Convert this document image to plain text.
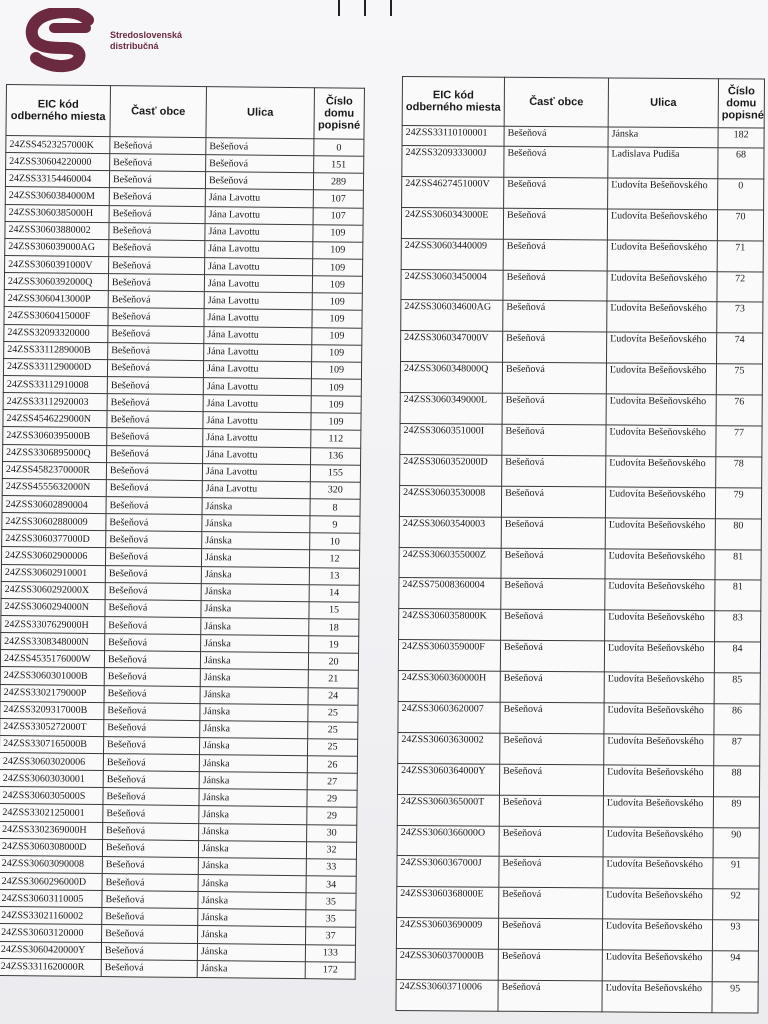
Stredoslovenská
distribučná
EIC kód odberného miesta	Časť obce	Ulica	Číslo domu popisné
24ZSS4523257000K	Bešeňová	Bešeňová	0
24ZSS30604220000	Bešeňová	Bešeňová	151
24ZSS33154460004	Bešeňová	Bešeňová	289
24ZSS3060384000M	Bešeňová	Jána Lavottu	107
24ZSS3060385000H	Bešeňová	Jána Lavottu	107
24ZSS30603880002	Bešeňová	Jána Lavottu	109
24ZSS306039000AG	Bešeňová	Jána Lavottu	109
24ZSS3060391000V	Bešeňová	Jána Lavottu	109
24ZSS3060392000Q	Bešeňová	Jána Lavottu	109
24ZSS3060413000P	Bešeňová	Jána Lavottu	109
24ZSS3060415000F	Bešeňová	Jána Lavottu	109
24ZSS32093320000	Bešeňová	Jána Lavottu	109
24ZSS3311289000B	Bešeňová	Jána Lavottu	109
24ZSS3311290000D	Bešeňová	Jána Lavottu	109
24ZSS33112910008	Bešeňová	Jána Lavottu	109
24ZSS33112920003	Bešeňová	Jána Lavottu	109
24ZSS4546229000N	Bešeňová	Jána Lavottu	109
24ZSS3060395000B	Bešeňová	Jána Lavottu	112
24ZSS3306895000Q	Bešeňová	Jána Lavottu	136
24ZSS4582370000R	Bešeňová	Jána Lavottu	155
24ZSS4555632000N	Bešeňová	Jána Lavottu	320
24ZSS30602890004	Bešeňová	Jánska	8
24ZSS30602880009	Bešeňová	Jánska	9
24ZSS3060377000D	Bešeňová	Jánska	10
24ZSS30602900006	Bešeňová	Jánska	12
24ZSS30602910001	Bešeňová	Jánska	13
24ZSS3060292000X	Bešeňová	Jánska	14
24ZSS3060294000N	Bešeňová	Jánska	15
24ZSS3307629000H	Bešeňová	Jánska	18
24ZSS3308348000N	Bešeňová	Jánska	19
24ZSS4535176000W	Bešeňová	Jánska	20
24ZSS3060301000B	Bešeňová	Jánska	21
24ZSS3302179000P	Bešeňová	Jánska	24
24ZSS3209317000B	Bešeňová	Jánska	25
24ZSS3305272000T	Bešeňová	Jánska	25
24ZSS3307165000B	Bešeňová	Jánska	25
24ZSS30603020006	Bešeňová	Jánska	26
24ZSS30603030001	Bešeňová	Jánska	27
24ZSS3060305000S	Bešeňová	Jánska	29
24ZSS33021250001	Bešeňová	Jánska	29
24ZSS3302369000H	Bešeňová	Jánska	30
24ZSS3060308000D	Bešeňová	Jánska	32
24ZSS30603090008	Bešeňová	Jánska	33
24ZSS3060296000D	Bešeňová	Jánska	34
24ZSS30603110005	Bešeňová	Jánska	35
24ZSS33021160002	Bešeňová	Jánska	35
24ZSS30603120000	Bešeňová	Jánska	37
24ZSS3060420000Y	Bešeňová	Jánska	133
24ZSS3311620000R	Bešeňová	Jánska	172
EIC kód odberného miesta	Časť obce	Ulica	Číslo domu popisné
24ZSS33110100001	Bešeňová	Jánska	182
24ZSS3209333000J	Bešeňová	Ladislava Pudiša	68
24ZSS4627451000V	Bešeňová	Ľudovíta Bešeňovského	0
24ZSS3060343000E	Bešeňová	Ľudovíta Bešeňovského	70
24ZSS30603440009	Bešeňová	Ľudovíta Bešeňovského	71
24ZSS30603450004	Bešeňová	Ľudovíta Bešeňovského	72
24ZSS306034600AG	Bešeňová	Ľudovíta Bešeňovského	73
24ZSS3060347000V	Bešeňová	Ľudovíta Bešeňovského	74
24ZSS3060348000Q	Bešeňová	Ľudovíta Bešeňovského	75
24ZSS3060349000L	Bešeňová	Ľudovíta Bešeňovského	76
24ZSS3060351000I	Bešeňová	Ľudovíta Bešeňovského	77
24ZSS3060352000D	Bešeňová	Ľudovíta Bešeňovského	78
24ZSS30603530008	Bešeňová	Ľudovíta Bešeňovského	79
24ZSS30603540003	Bešeňová	Ľudovíta Bešeňovského	80
24ZSS3060355000Z	Bešeňová	Ľudovíta Bešeňovského	81
24ZSS75008360004	Bešeňová	Ľudovíta Bešeňovského	81
24ZSS3060358000K	Bešeňová	Ľudovíta Bešeňovského	83
24ZSS3060359000F	Bešeňová	Ľudovíta Bešeňovského	84
24ZSS3060360000H	Bešeňová	Ľudovíta Bešeňovského	85
24ZSS30603620007	Bešeňová	Ľudovíta Bešeňovského	86
24ZSS30603630002	Bešeňová	Ľudovíta Bešeňovského	87
24ZSS3060364000Y	Bešeňová	Ľudovíta Bešeňovského	88
24ZSS3060365000T	Bešeňová	Ľudovíta Bešeňovského	89
24ZSS3060366000O	Bešeňová	Ľudovíta Bešeňovského	90
24ZSS3060367000J	Bešeňová	Ľudovíta Bešeňovského	91
24ZSS3060368000E	Bešeňová	Ľudovíta Bešeňovského	92
24ZSS30603690009	Bešeňová	Ľudovíta Bešeňovského	93
24ZSS3060370000B	Bešeňová	Ľudovíta Bešeňovského	94
24ZSS30603710006	Bešeňová	Ľudovíta Bešeňovského	95
